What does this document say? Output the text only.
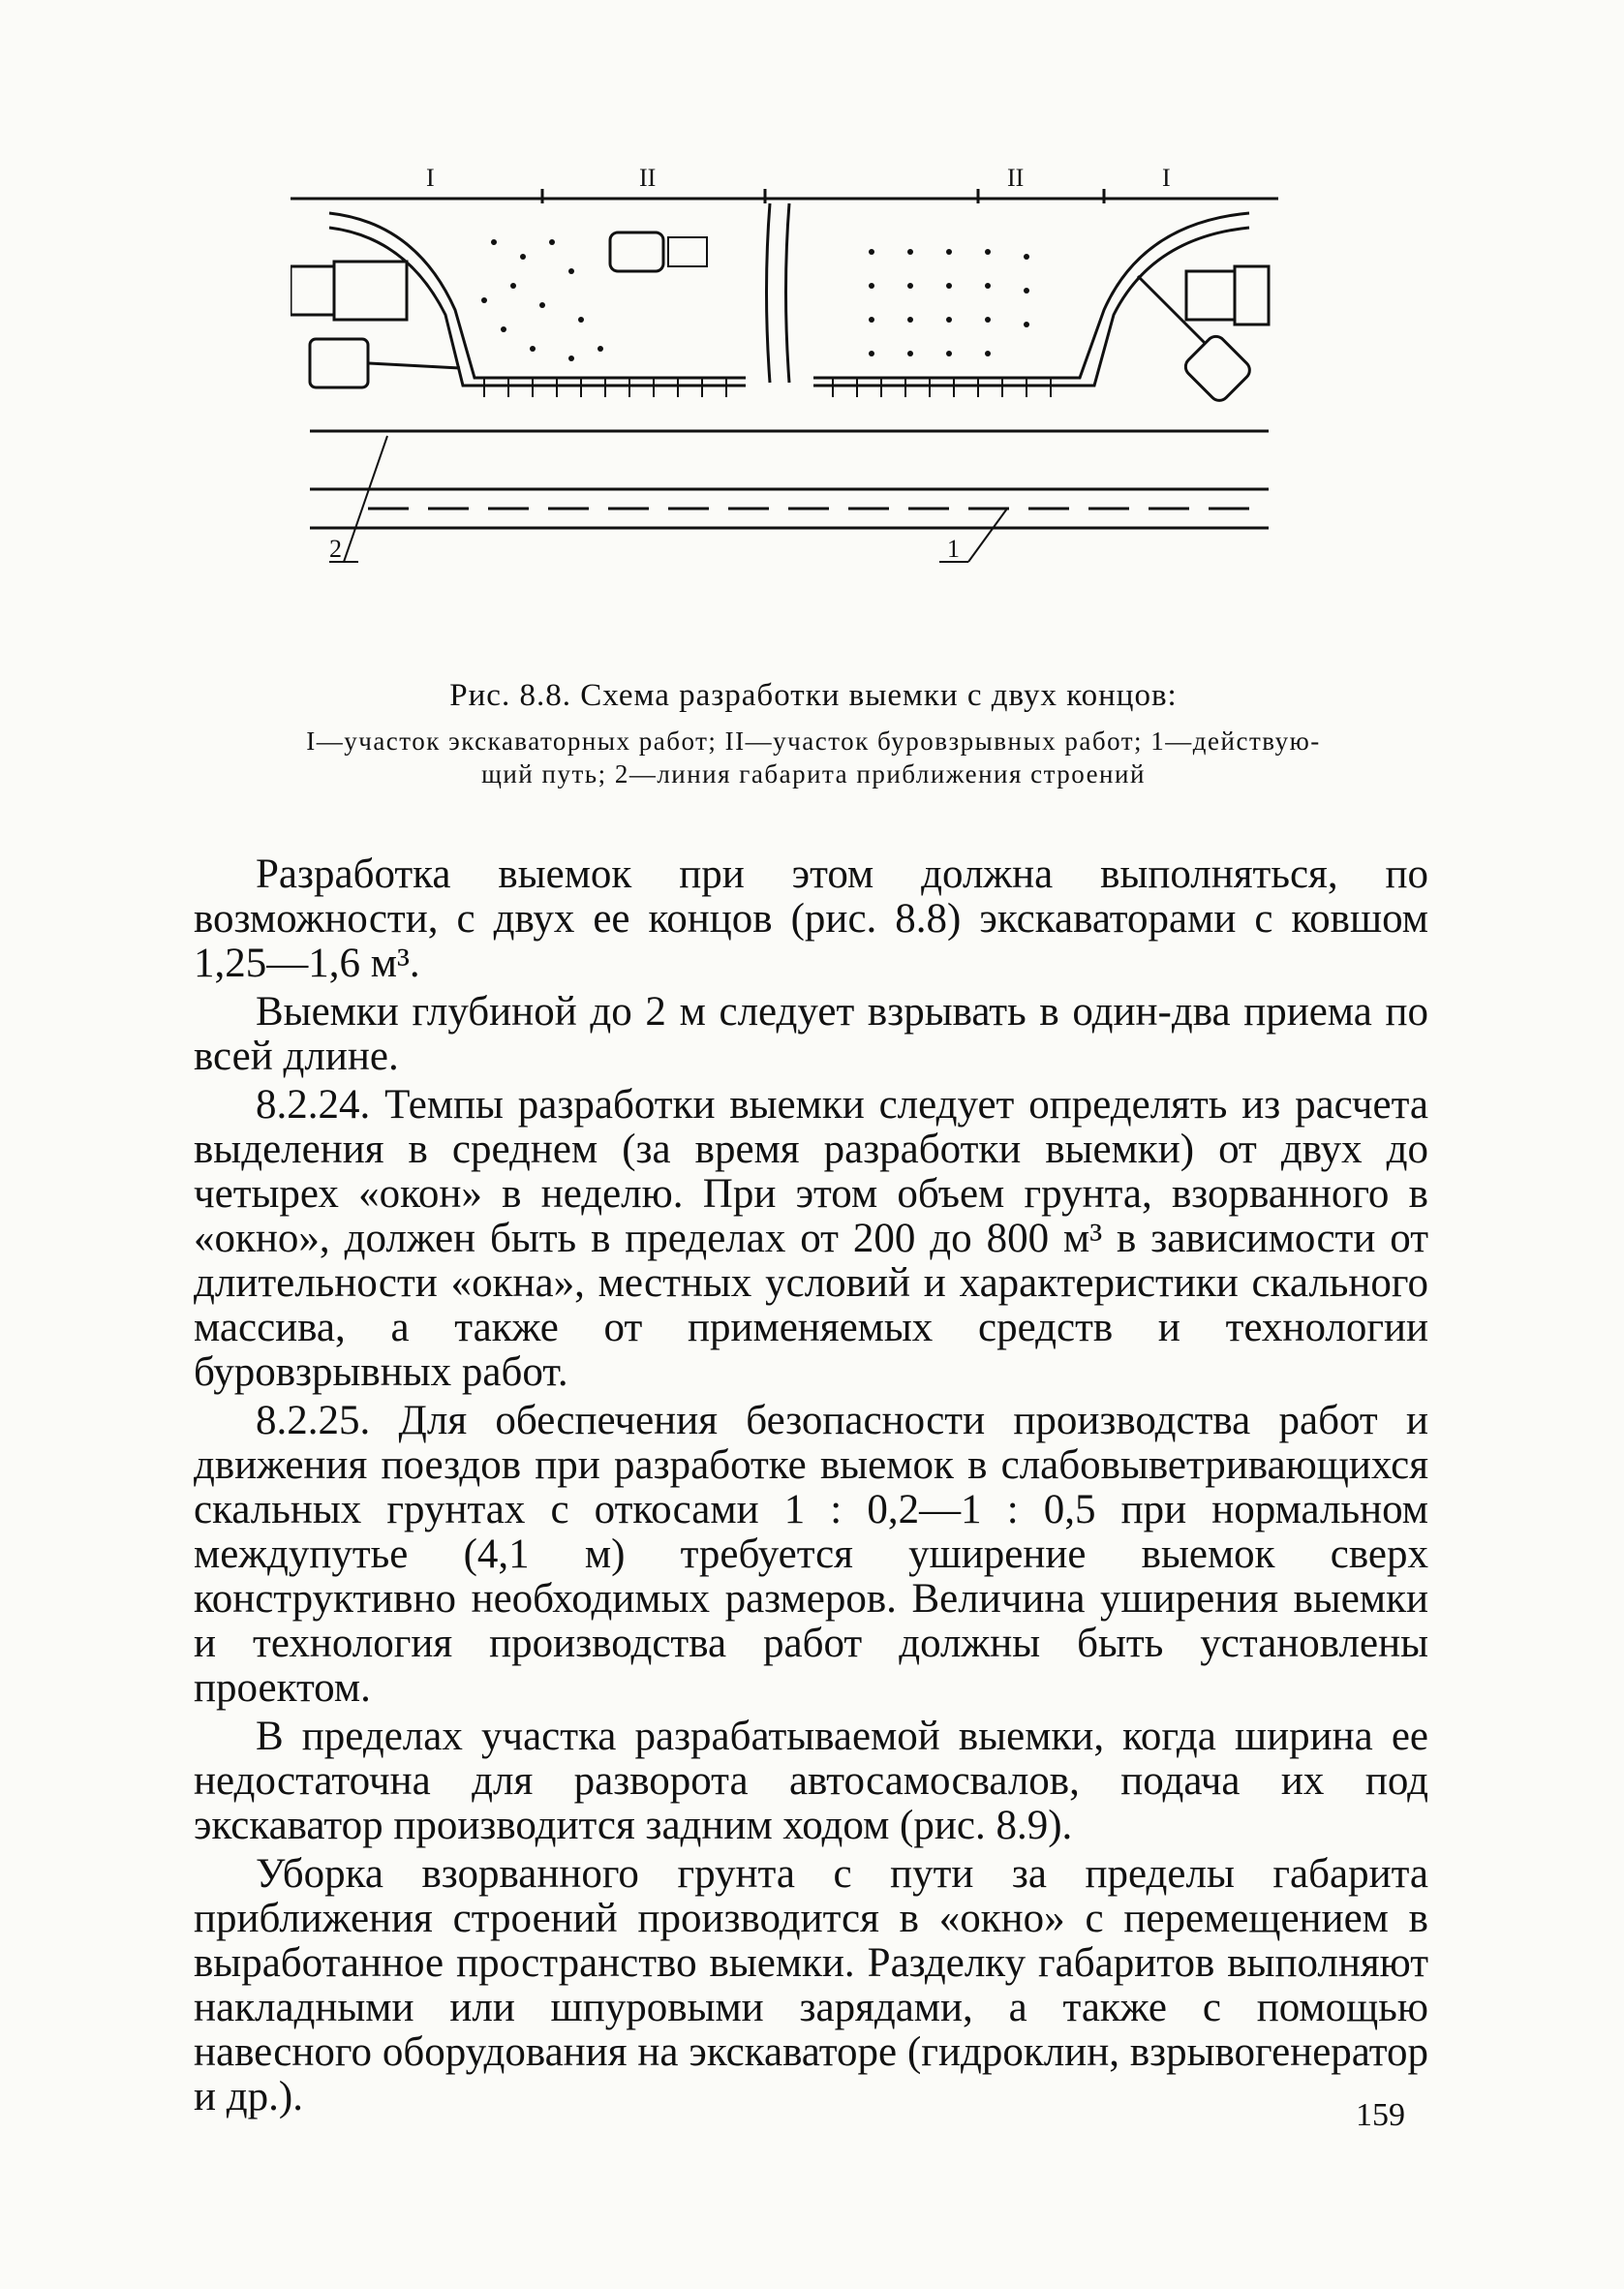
I	II	II	I
2	1
Рис. 8.8. Схема разработки выемки с двух концов:
I—участок экскаваторных работ; II—участок буровзрывных работ; 1—действую-
щий путь; 2—линия габарита приближения строений

Разработка выемок при этом должна выполняться, по возможности, с двух ее концов (рис. 8.8) экскаваторами с ковшом 1,25—1,6 м³.

Выемки глубиной до 2 м следует взрывать в один-два приема по всей длине.

8.2.24. Темпы разработки выемки следует определять из расчета выделения в среднем (за время разработки выемки) от двух до четырех «окон» в неделю. При этом объем грунта, взорванного в «окно», должен быть в пределах от 200 до 800 м³ в зависимости от длительности «окна», местных условий и характеристики скального массива, а также от применяемых средств и технологии буровзрывных работ.

8.2.25. Для обеспечения безопасности производства работ и движения поездов при разработке выемок в слабовыветривающихся скальных грунтах с откосами 1 : 0,2—1 : 0,5 при нормальном междупутье (4,1 м) требуется уширение выемок сверх конструктивно необходимых размеров. Величина уширения выемки и технология производства работ должны быть установлены проектом.

В пределах участка разрабатываемой выемки, когда ширина ее недостаточна для разворота автосамосвалов, подача их под экскаватор производится задним ходом (рис. 8.9).

Уборка взорванного грунта с пути за пределы габарита приближения строений производится в «окно» с перемещением в выработанное пространство выемки. Разделку габаритов выполняют накладными или шпуровыми зарядами, а также с помощью навесного оборудования на экскаваторе (гидроклин, взрывогенератор и др.).	159
